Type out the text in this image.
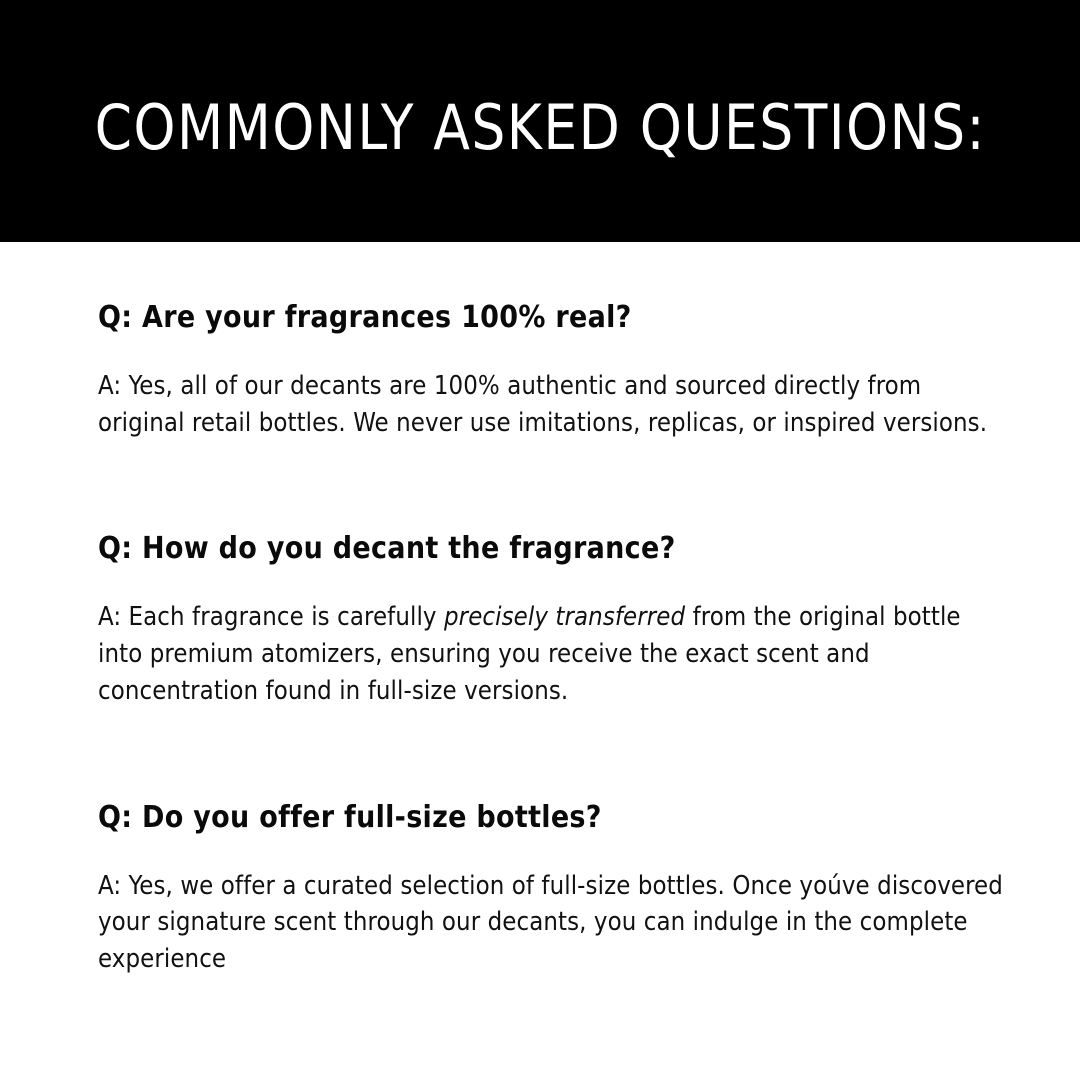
COMMONLY ASKED QUESTIONS:

Q: Are your fragrances 100% real?

A: Yes, all of our decants are 100% authentic and sourced directly from original retail bottles. We never use imitations, replicas, or inspired versions.

Q: How do you decant the fragrance?

A: Each fragrance is carefully precisely transferred from the original bottle into premium atomizers, ensuring you receive the exact scent and concentration found in full-size versions.

Q: Do you offer full-size bottles?

A: Yes, we offer a curated selection of full-size bottles. Once yoúve discovered your signature scent through our decants, you can indulge in the complete experience
